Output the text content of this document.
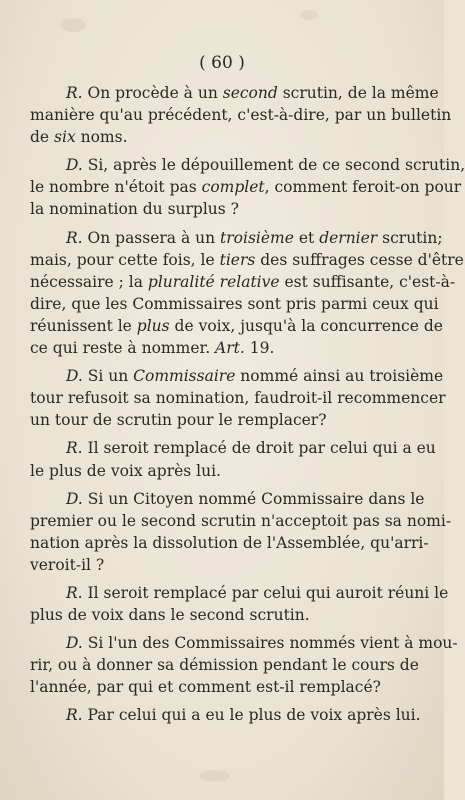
( 60 )
R. On procède à un second scrutin, de la même
manière qu'au précédent, c'est-à-dire, par un bulletin
de six noms.
D. Si, après le dépouillement de ce second scrutin,
le nombre n'étoit pas complet, comment feroit-on pour
la nomination du surplus ?
R. On passera à un troisième et dernier scrutin;
mais, pour cette fois, le tiers des suffrages cesse d'être
nécessaire ; la pluralité relative est suffisante, c'est-à-
dire, que les Commissaires sont pris parmi ceux qui
réunissent le plus de voix, jusqu'à la concurrence de
ce qui reste à nommer. Art. 19.
D. Si un Commissaire nommé ainsi au troisième
tour refusoit sa nomination, faudroit-il recommencer
un tour de scrutin pour le remplacer?
R. Il seroit remplacé de droit par celui qui a eu
le plus de voix après lui.
D. Si un Citoyen nommé Commissaire dans le
premier ou le second scrutin n'acceptoit pas sa nomi-
nation après la dissolution de l'Assemblée, qu'arri-
veroit-il ?
R. Il seroit remplacé par celui qui auroit réuni le
plus de voix dans le second scrutin.
D. Si l'un des Commissaires nommés vient à mou-
rir, ou à donner sa démission pendant le cours de
l'année, par qui et comment est-il remplacé?
R. Par celui qui a eu le plus de voix après lui.
